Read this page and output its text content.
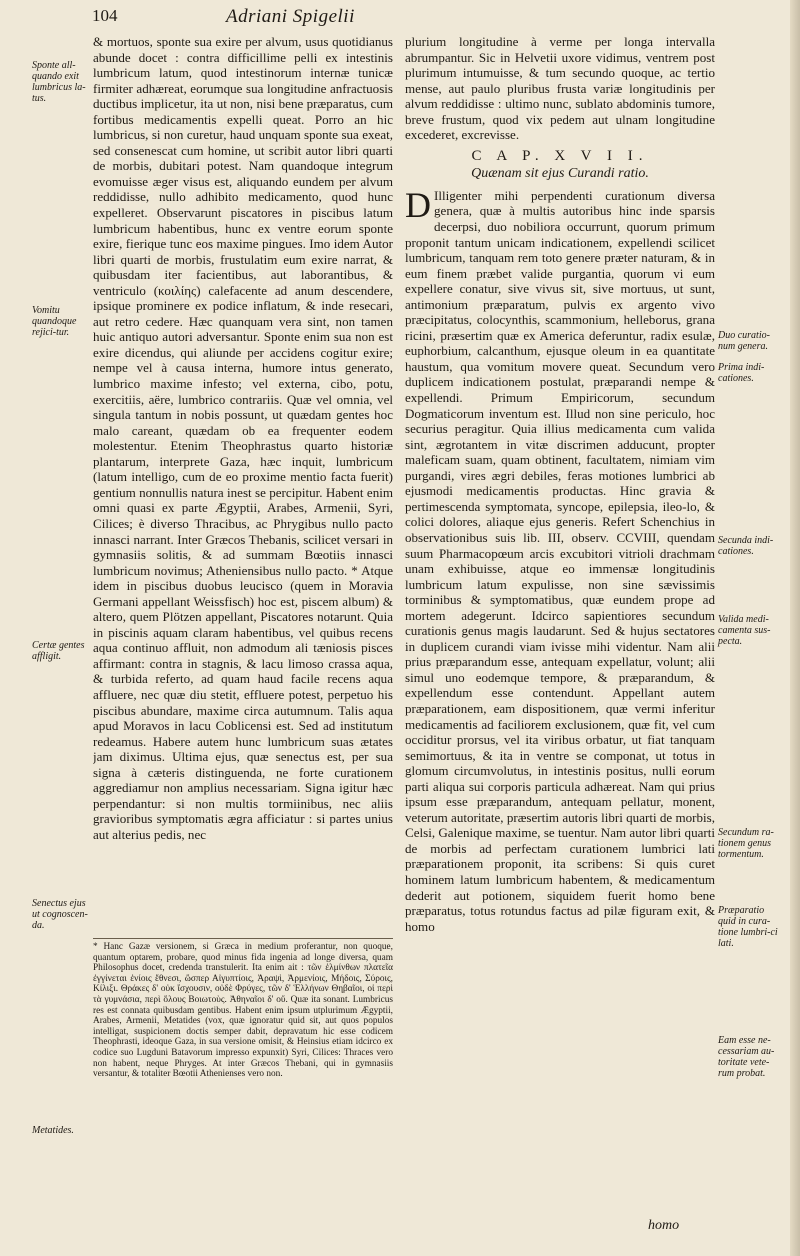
104	Adriani Spigelii
Sponte all-quando exit lumbricus la-tus.
Vomitu quandoque rejici-tur.
Certæ gentes affligit.
Senectus ejus ut cognoscen-da.
Metatides.

& mortuos, sponte sua exire per alvum, usus quotidianus abunde docet : contra difficillime pelli ex intestinis lumbricum latum, quod intestinorum internæ tunicæ firmiter adhæreat, eorumque sua longitudine anfractuosis ductibus implicetur, ita ut non, nisi bene præparatus, cum fortibus medicamentis expelli queat. Porro an hic lumbricus, si non curetur, haud unquam sponte sua exeat, sed consenescat cum homine, ut scribit autor libri quarti de morbis, dubitari potest. Nam quandoque integrum evomuisse æger visus est, aliquando eundem per alvum reddidisse, nullo adhibito medicamento, quod hunc expelleret. Observarunt piscatores in piscibus latum lumbricum habentibus, hunc ex ventre eorum sponte exire, fierique tunc eos maxime pingues. Imo idem Autor libri quarti de morbis, frustulatim eum exire narrat, & quibusdam iter facientibus, aut laborantibus, & ventriculo (κοιλίης) calefacente ad anum descendere, ipsique prominere ex podice inflatum, & inde resecari, aut retro cedere. Hæc quanquam vera sint, non tamen huic antiquo autori adversantur. Sponte enim sua non est exire dicendus, qui aliunde per accidens cogitur exire; nempe vel à causa interna, humore intus generato, lumbrico maxime infesto; vel externa, cibo, potu, exercitiis, aëre, lumbrico contrariis. Quæ vel omnia, vel singula tantum in nobis possunt, ut quædam gentes hoc malo careant, quædam ob ea frequenter eodem molestentur. Etenim Theophrastus quarto historiæ plantarum, interprete Gaza, hæc inquit, lumbricum (latum intelligo, cum de eo proxime mentio facta fuerit) gentium nonnullis natura inest se percipitur. Habent enim omni quasi ex parte Ægyptii, Arabes, Armenii, Syri, Cilices; è diverso Thracibus, ac Phrygibus nullo pacto innasci narrant. Inter Græcos Thebanis, scilicet versari in gymnasiis solitis, & ad summam Bœotiis innasci lumbricum novimus; Atheniensibus nullo pacto. * Atque idem in piscibus duobus leucisco (quem in Moravia Germani appellant Weissfisch) hoc est, piscem album) & altero, quem Plötzen appellant, Piscatores notarunt. Quia in piscinis aquam claram habentibus, vel quibus recens aqua continuo affluit, non admodum ali tæniosis pisces affirmant: contra in stagnis, & lacu limoso crassa aqua, & turbida referto, ad quam haud facile recens aqua affluere, nec quæ diu stetit, effluere potest, perpetuo his piscibus abundare, maxime circa autumnum. Talis aqua apud Moravos in lacu Coblicensi est. Sed ad institutum redeamus. Habere autem hunc lumbricum suas ætates jam diximus. Ultima ejus, quæ senectus est, per sua signa à cæteris distinguenda, ne forte curationem aggrediamur non amplius necessariam. Signa igitur hæc perpendantur: si non multis tormiinibus, nec aliis gravioribus symptomatis ægra afficiatur : si partes unius aut alterius pedis, nec

* Hanc Gazæ versionem, si Græca in medium proferantur, non quoque, quantum optarem, probare, quod minus fida ingenia ad longe diversa, quam Philosophus docet, credenda transtulerit. Ita enim ait : τῶν ἑλμίνθων πλατεῖα ἐγγίνεται ἐνίοις ἔθνεσι, ὥσπερ Αἰγυπτίοις, Ἀραψὶ, Ἀρμενίοις, Μήδοις, Σύροις, Κίλιξι. Θράκες δ' οὐκ ἴσχουσιν, οὐδὲ Φρύγες, τῶν δ' Ἑλλήνων Θηβαῖοι, οἱ περὶ τὰ γυμνάσια, περὶ ὅλους Βοιωτοὺς. Ἀθηναῖοι δ' οὔ. Quæ ita sonant. Lumbricus res est connata quibusdam gentibus. Habent enim ipsum utplurimum Ægyptii, Arabes, Armenii, Metatides (vox, quæ ignoratur quid sit, aut quos populos intelligat, suspicionem doctis semper dabit, depravatum hic esse codicem Theophrasti, ideoque Gaza, in sua versione omisit, & Heinsius etiam idcirco ex codice suo Lugduni Batavorum impresso expunxit) Syri, Cilices: Thraces vero non habent, neque Phryges. At inter Græcos Thebani, qui in gymnasiis versantur, & totaliter Bœotii Athenienses vero non.

plurium longitudine à verme per longa intervalla abrumpantur. Sic in Helvetii uxore vidimus, ventrem post plurimum intumuisse, & tum secundo quoque, ac tertio mense, aut paulo pluribus frusta variæ longitudinis per alvum reddidisse : ultimo nunc, sublato abdominis tumore, breve frustum, quod vix pedem aut ulnam longitudine excederet, excrevisse.

C A P. X V I I.
Quænam sit ejus Curandi ratio.

D Illigenter mihi perpendenti curationum diversa genera, quæ à multis autoribus hinc inde sparsis decerpsi, duo nobiliora occurrunt, quorum primum proponit tantum unicam indicationem, expellendi scilicet lumbricum, tanquam rem toto genere præter naturam, & in eum finem præbet valide purgantia, quorum vi eum expellere conatur, sive vivus sit, sive mortuus, ut sunt, antimonium præparatum, pulvis ex argento vivo præcipitatus, colocynthis, scammonium, helleborus, grana ricini, præsertim quæ ex America deferuntur, radix esulæ, euphorbium, calcanthum, ejusque oleum in ea quantitate haustum, qua vomitum movere queat. Secundum vero duplicem indicationem postulat, præparandi nempe & expellendi. Primum Empiricorum, secundum Dogmaticorum inventum est. Illud non sine periculo, hoc securius peragitur. Quia illius medicamenta cum valida sint, ægrotantem in vitæ discrimen adducunt, propter maleficam suam, quam obtinent, facultatem, nimiam vim purgandi, vires ægri debiles, feras motiones lumbrici ab ejusmodi medicamentis productas. Hinc gravia & pertimescenda symptomata, syncope, epilepsia, ileo-lo, & colici dolores, aliaque ejus generis. Refert Schenchius in observationibus suis lib. III, observ. CCVIII, quendam suum Pharmacopœum arcis excubitori vitrioli drachmam unam exhibuisse, atque eo immensæ longitudinis lumbricum latum expulisse, non sine sævissimis torminibus & symptomatibus, quæ eundem prope ad mortem adegerunt. Idcirco sapientiores secundum curationis genus magis laudarunt. Sed & hujus sectatores in duplicem curandi viam ivisse mihi videntur. Nam alii prius præparandum esse, antequam expellatur, volunt; alii simul uno eodemque tempore, & præparandum, & expellendum esse contendunt. Appellant autem præparationem, eam dispositionem, quæ vermi inferitur medicamentis ad faciliorem exclusionem, quæ fit, vel cum occiditur prorsus, vel ita viribus orbatur, ut fiat tanquam semimortuus, & ita in ventre se componat, ut totus in glomum circumvolutus, in intestinis positus, nulli eorum parti aliqua sui corporis particula adhæreat. Nam qui prius ipsum esse præparandum, antequam pellatur, monent, veterum autoritate, præsertim autoris libri quarti de morbis, Celsi, Galenique maxime, se tuentur. Nam autor libri quarti de morbis ad perfectam curationem lumbrici lati præparationem proponit, ita scribens: Si quis curet hominem latum lumbricum habentem, & medicamentum dederit aut potionem, siquidem fuerit homo bene præparatus, totus rotundus factus ad pilæ figuram exit, & homo

Duo curatio-num genera.
Prima indi-cationes.
Secunda indi-cationes.
Valida medi-camenta sus-pecta.
Secundum ra-tionem genus tormentum.
Præparatio quid in cura-tione lumbri-ci lati.
Eam esse ne-cessariam au-toritate vete-rum probat.
homo
